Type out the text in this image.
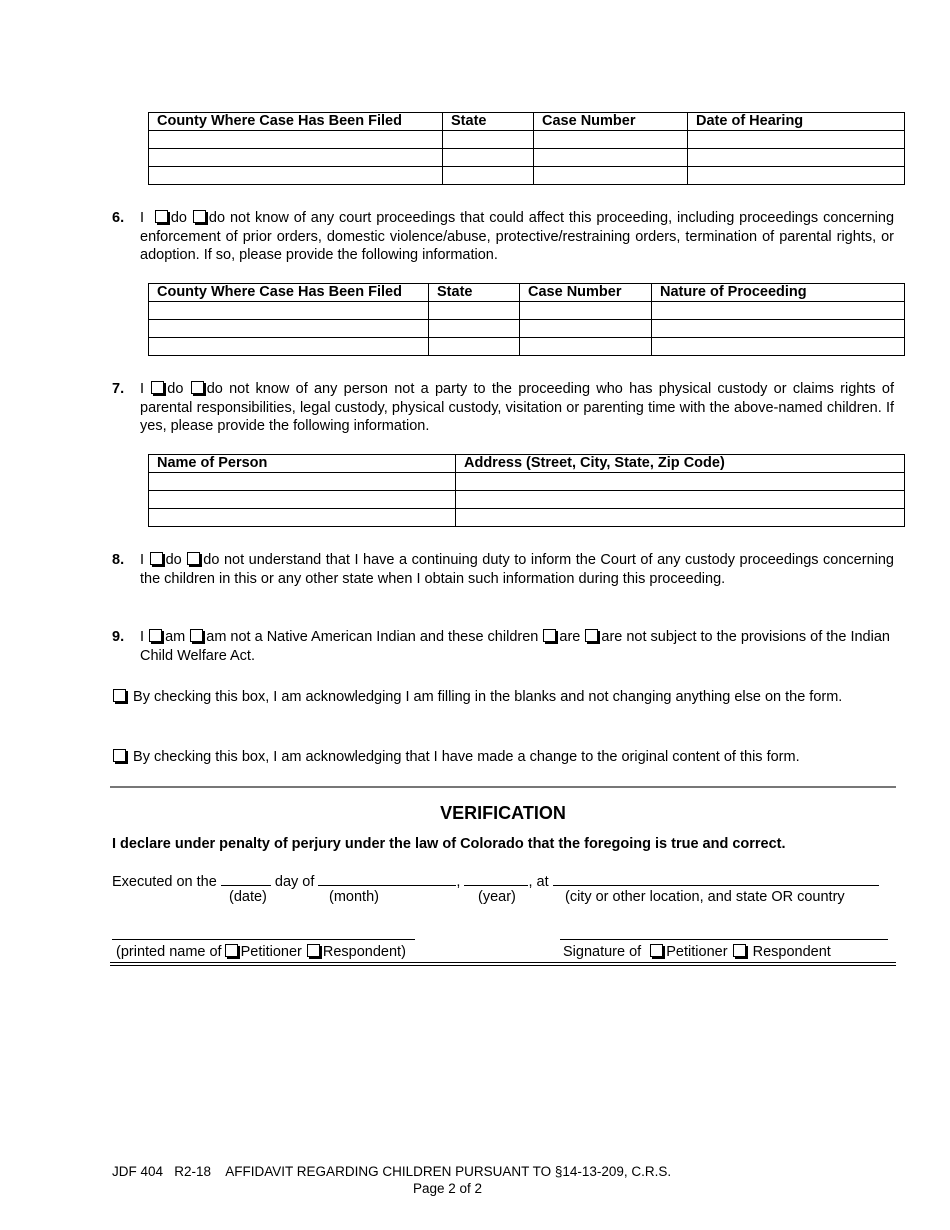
County Where Case Has Been Filed	State	Case Number	Date of Hearing

6. I do do not know of any court proceedings that could affect this proceeding, including proceedings concerning enforcement of prior orders, domestic violence/abuse, protective/restraining orders, termination of parental rights, or adoption. If so, please provide the following information.
County Where Case Has Been Filed	State	Case Number	Nature of Proceeding

7. I do do not know of any person not a party to the proceeding who has physical custody or claims rights of parental responsibilities, legal custody, physical custody, visitation or parenting time with the above-named children. If yes, please provide the following information.
Name of Person	Address (Street, City, State, Zip Code)

8. I do do not understand that I have a continuing duty to inform the Court of any custody proceedings concerning the children in this or any other state when I obtain such information during this proceeding.
9. I am am not a Native American Indian and these children are are not subject to the provisions of the Indian Child Welfare Act.
By checking this box, I am acknowledging I am filling in the blanks and not changing anything else on the form.
By checking this box, I am acknowledging that I have made a change to the original content of this form.
VERIFICATION
I declare under penalty of perjury under the law of Colorado that the foregoing is true and correct.
Executed on the	day of	,	, at
(date)	(month)	(year)	(city or other location, and state OR country
(printed name of Petitioner Respondent)	Signature of Petitioner Respondent
JDF 404   R2-18    AFFIDAVIT REGARDING CHILDREN PURSUANT TO §14-13-209, C.R.S.
Page 2 of 2
